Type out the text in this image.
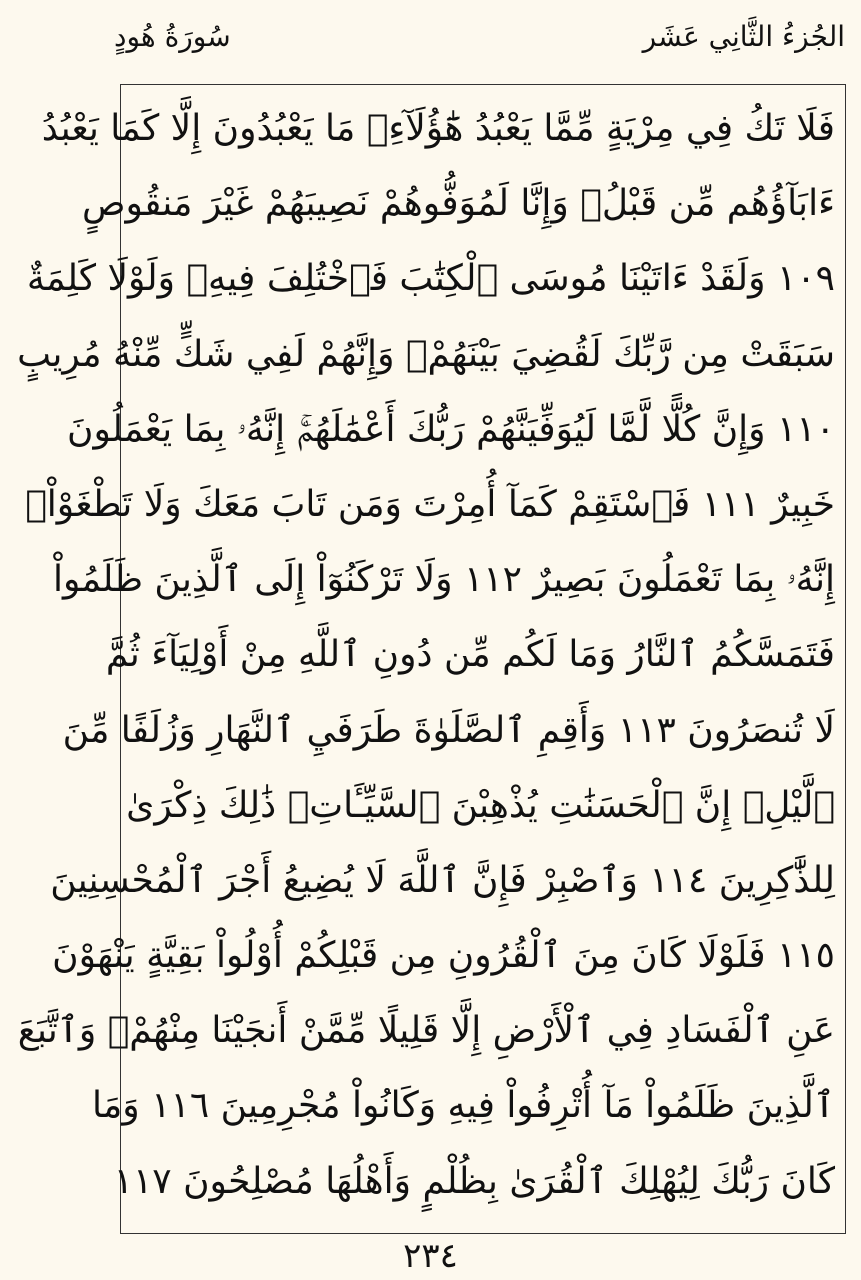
سُورَةُ هُودٍ	الجُزءُ الثَّانِي عَشَر
فَلَا تَكُ فِي مِرْيَةٍ مِّمَّا يَعْبُدُ هَٰٓؤُلَآءِۚ مَا يَعْبُدُونَ إِلَّا كَمَا يَعْبُدُ
ءَابَآؤُهُم مِّن قَبْلُۚ وَإِنَّا لَمُوَفُّوهُمْ نَصِيبَهُمْ غَيْرَ مَنقُوصٍ
١٠٩ وَلَقَدْ ءَاتَيْنَا مُوسَى ٱلْكِتَٰبَ فَٱخْتُلِفَ فِيهِۚ وَلَوْلَا كَلِمَةٌ
سَبَقَتْ مِن رَّبِّكَ لَقُضِيَ بَيْنَهُمْۚ وَإِنَّهُمْ لَفِي شَكٍّ مِّنْهُ مُرِيبٍ
١١٠ وَإِنَّ كُلًّا لَّمَّا لَيُوَفِّيَنَّهُمْ رَبُّكَ أَعْمَٰلَهُمْۚ إِنَّهُۥ بِمَا يَعْمَلُونَ
خَبِيرٌ ١١١ فَٱسْتَقِمْ كَمَآ أُمِرْتَ وَمَن تَابَ مَعَكَ وَلَا تَطْغَوْاْۚ
إِنَّهُۥ بِمَا تَعْمَلُونَ بَصِيرٌ ١١٢ وَلَا تَرْكَنُوٓاْ إِلَى ٱلَّذِينَ ظَلَمُواْ
فَتَمَسَّكُمُ ٱلنَّارُ وَمَا لَكُم مِّن دُونِ ٱللَّهِ مِنْ أَوْلِيَآءَ ثُمَّ
لَا تُنصَرُونَ ١١٣ وَأَقِمِ ٱلصَّلَوٰةَ طَرَفَيِ ٱلنَّهَارِ وَزُلَفًا مِّنَ
ٱلَّيْلِۚ إِنَّ ٱلْحَسَنَٰتِ يُذْهِبْنَ ٱلسَّيِّـَٔاتِۚ ذَٰلِكَ ذِكْرَىٰ
لِلذَّٰكِرِينَ ١١٤ وَٱصْبِرْ فَإِنَّ ٱللَّهَ لَا يُضِيعُ أَجْرَ ٱلْمُحْسِنِينَ
١١٥ فَلَوْلَا كَانَ مِنَ ٱلْقُرُونِ مِن قَبْلِكُمْ أُوْلُواْ بَقِيَّةٍ يَنْهَوْنَ
عَنِ ٱلْفَسَادِ فِي ٱلْأَرْضِ إِلَّا قَلِيلًا مِّمَّنْ أَنجَيْنَا مِنْهُمْۗ وَٱتَّبَعَ
ٱلَّذِينَ ظَلَمُواْ مَآ أُتْرِفُواْ فِيهِ وَكَانُواْ مُجْرِمِينَ ١١٦ وَمَا
كَانَ رَبُّكَ لِيُهْلِكَ ٱلْقُرَىٰ بِظُلْمٍ وَأَهْلُهَا مُصْلِحُونَ ١١٧
٢٣٤
